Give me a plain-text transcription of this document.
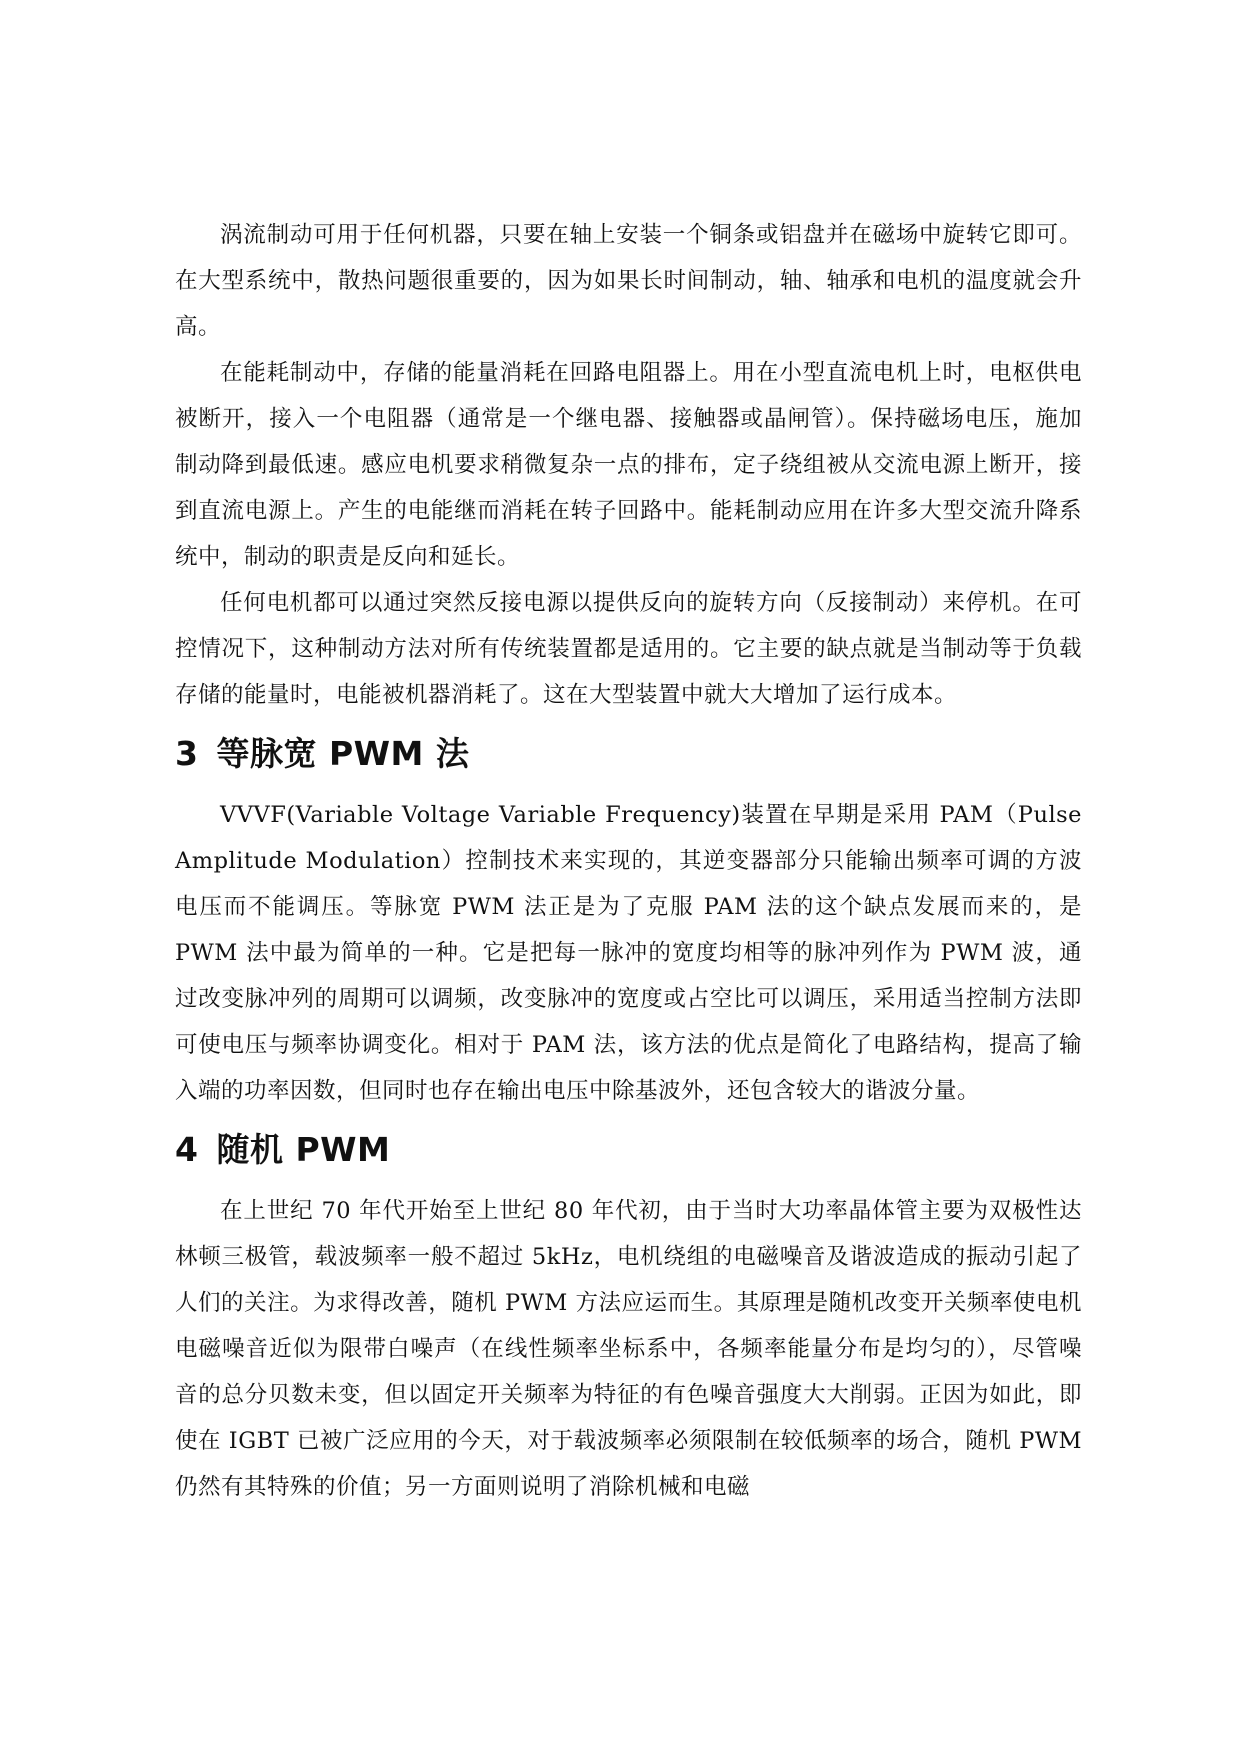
涡流制动可用于任何机器，只要在轴上安装一个铜条或铝盘并在磁场中旋转它即可。在大型系统中，散热问题很重要的，因为如果长时间制动，轴、轴承和电机的温度就会升高。

在能耗制动中，存储的能量消耗在回路电阻器上。用在小型直流电机上时，电枢供电被断开，接入一个电阻器（通常是一个继电器、接触器或晶闸管）。保持磁场电压，施加制动降到最低速。感应电机要求稍微复杂一点的排布，定子绕组被从交流电源上断开，接到直流电源上。产生的电能继而消耗在转子回路中。能耗制动应用在许多大型交流升降系统中，制动的职责是反向和延长。

任何电机都可以通过突然反接电源以提供反向的旋转方向（反接制动）来停机。在可控情况下，这种制动方法对所有传统装置都是适用的。它主要的缺点就是当制动等于负载存储的能量时，电能被机器消耗了。这在大型装置中就大大增加了运行成本。

3 等脉宽 PWM 法

VVVF(Variable Voltage Variable Frequency)装置在早期是采用 PAM（Pulse Amplitude Modulation）控制技术来实现的，其逆变器部分只能输出频率可调的方波电压而不能调压。等脉宽 PWM 法正是为了克服 PAM 法的这个缺点发展而来的，是 PWM 法中最为简单的一种。它是把每一脉冲的宽度均相等的脉冲列作为 PWM 波，通过改变脉冲列的周期可以调频，改变脉冲的宽度或占空比可以调压，采用适当控制方法即可使电压与频率协调变化。相对于 PAM 法，该方法的优点是简化了电路结构，提高了输入端的功率因数，但同时也存在输出电压中除基波外，还包含较大的谐波分量。

4 随机 PWM

在上世纪 70 年代开始至上世纪 80 年代初，由于当时大功率晶体管主要为双极性达林顿三极管，载波频率一般不超过 5kHz，电机绕组的电磁噪音及谐波造成的振动引起了人们的关注。为求得改善，随机 PWM 方法应运而生。其原理是随机改变开关频率使电机电磁噪音近似为限带白噪声（在线性频率坐标系中，各频率能量分布是均匀的），尽管噪音的总分贝数未变，但以固定开关频率为特征的有色噪音强度大大削弱。正因为如此，即使在 IGBT 已被广泛应用的今天，对于载波频率必须限制在较低频率的场合，随机 PWM 仍然有其特殊的价值；另一方面则说明了消除机械和电磁
